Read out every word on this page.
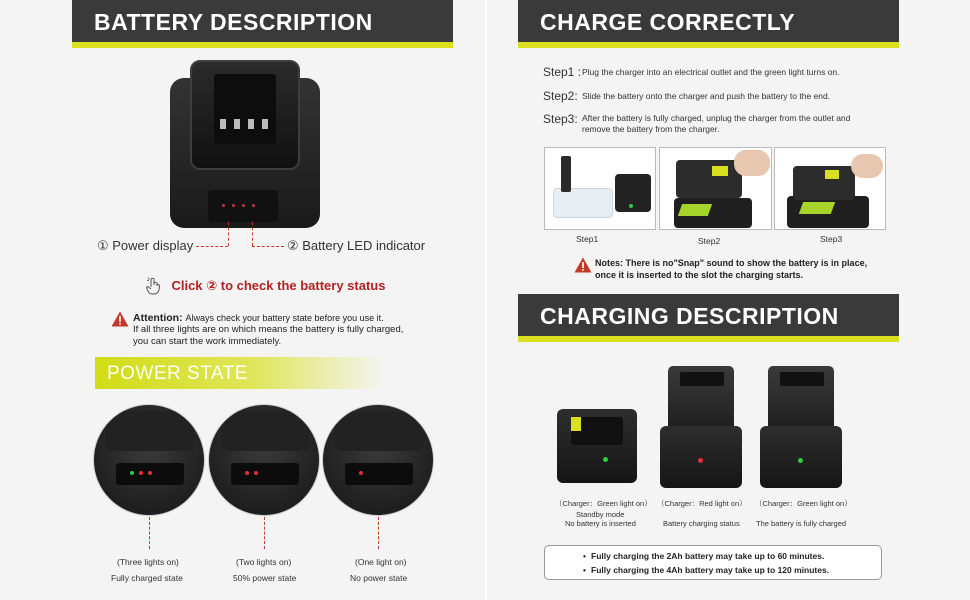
BATTERY DESCRIPTION
① Power display	② Battery LED indicator
Click ② to check the battery status
Attention: Always check your battery state before you use it.
If all three lights are on which means the battery is fully charged,
you can start the work immediately.
POWER STATE
(Three lights on)
Fully charged state
(Two lights on)
50% power state
(One light on)
No power state
CHARGE CORRECTLY
Step1 : Plug the charger into an electrical outlet and the green light turns on.
Step2: Slide the battery onto the charger and push the battery to the end.
Step3: After the battery is fully charged, unplug the charger from the outlet and
remove the battery from the charger.
Step1	Step2	Step3
Notes: There is no"Snap" sound to show the battery is in place,
once it is inserted to the slot the charging starts.
CHARGING DESCRIPTION
（Charger：Green light on）
Standby mode
No battery is inserted
（Charger：Red light on）
Battery charging status
（Charger：Green light on）
The battery is fully charged
• Fully charging the 2Ah battery may take up to 60 minutes.
• Fully charging the 4Ah battery may take up to 120 minutes.
